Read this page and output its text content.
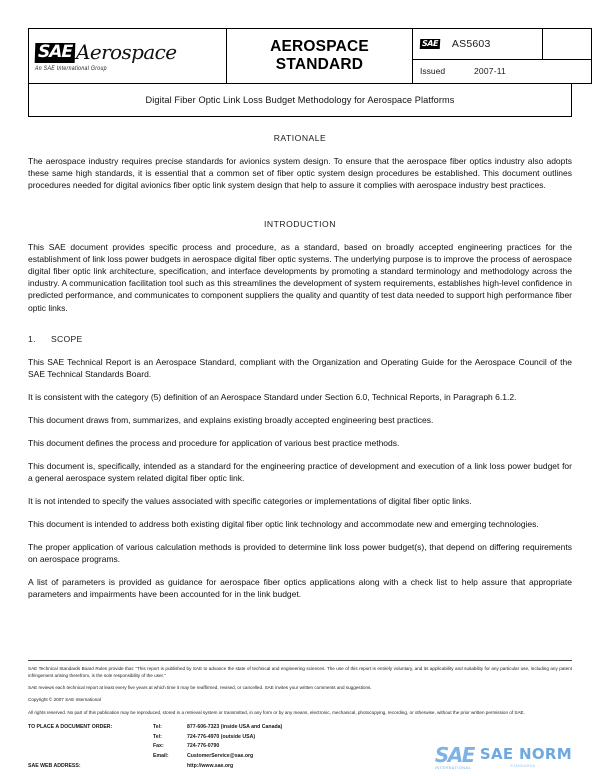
SAE Aerospace
An SAE International Group

AEROSPACE
STANDARD

SAE AS5603

Issued	2007-11
Digital Fiber Optic Link Loss Budget Methodology for Aerospace Platforms
RATIONALE

The aerospace industry requires precise standards for avionics system design. To ensure that the aerospace fiber optics industry also adopts these same high standards, it is essential that a common set of fiber optic system design procedures be established. This document outlines procedures needed for digital avionics fiber optic link system design that help to assure it complies with aerospace industry best practices.

INTRODUCTION

This SAE document provides specific process and procedure, as a standard, based on broadly accepted engineering practices for the establishment of link loss power budgets in aerospace digital fiber optic systems. The underlying purpose is to improve the process of aerospace digital fiber optic link architecture, specification, and interface developments by promoting a standard terminology and methodology across the industry. A communication facilitation tool such as this streamlines the development of system requirements, establishes high-level confidence in predicted performance, and communicates to component suppliers the quality and quantity of test data needed to support high performance fiber optic links.

1. SCOPE

This SAE Technical Report is an Aerospace Standard, compliant with the Organization and Operating Guide for the Aerospace Council of the SAE Technical Standards Board.

It is consistent with the category (5) definition of an Aerospace Standard under Section 6.0, Technical Reports, in Paragraph 6.1.2.

This document draws from, summarizes, and explains existing broadly accepted engineering best practices.

This document defines the process and procedure for application of various best practice methods.

This document is, specifically, intended as a standard for the engineering practice of development and execution of a link loss power budget for a general aerospace system related digital fiber optic link.

It is not intended to specify the values associated with specific categories or implementations of digital fiber optic links.

This document is intended to address both existing digital fiber optic link technology and accommodate new and emerging technologies.

The proper application of various calculation methods is provided to determine link loss power budget(s), that depend on differing requirements on aerospace programs.

A list of parameters is provided as guidance for aerospace fiber optics applications along with a check list to help assure that appropriate parameters and impairments have been accounted for in the link budget.

SAE Technical Standards Board Rules provide that: “This report is published by SAE to advance the state of technical and engineering sciences. The use of this report is entirely voluntary, and its applicability and suitability for any particular use, including any patent infringement arising therefrom, is the sole responsibility of the user.”

SAE reviews each technical report at least every five years at which time it may be reaffirmed, revised, or cancelled. SAE invites your written comments and suggestions.

Copyright © 2007 SAE International

All rights reserved. No part of this publication may be reproduced, stored in a retrieval system or transmitted, in any form or by any means, electronic, mechanical, photocopying, recording, or otherwise, without the prior written permission of SAE.

TO PLACE A DOCUMENT ORDER:
SAE WEB ADDRESS:
Tel:	877-606-7323 (inside USA and Canada)
Tel:	724-776-4970 (outside USA)
Fax:	724-776-0790
Email:	CustomerService@sae.org
http://www.sae.org	SAE
INTERNATIONAL
SAE NORM
STANDARDS
